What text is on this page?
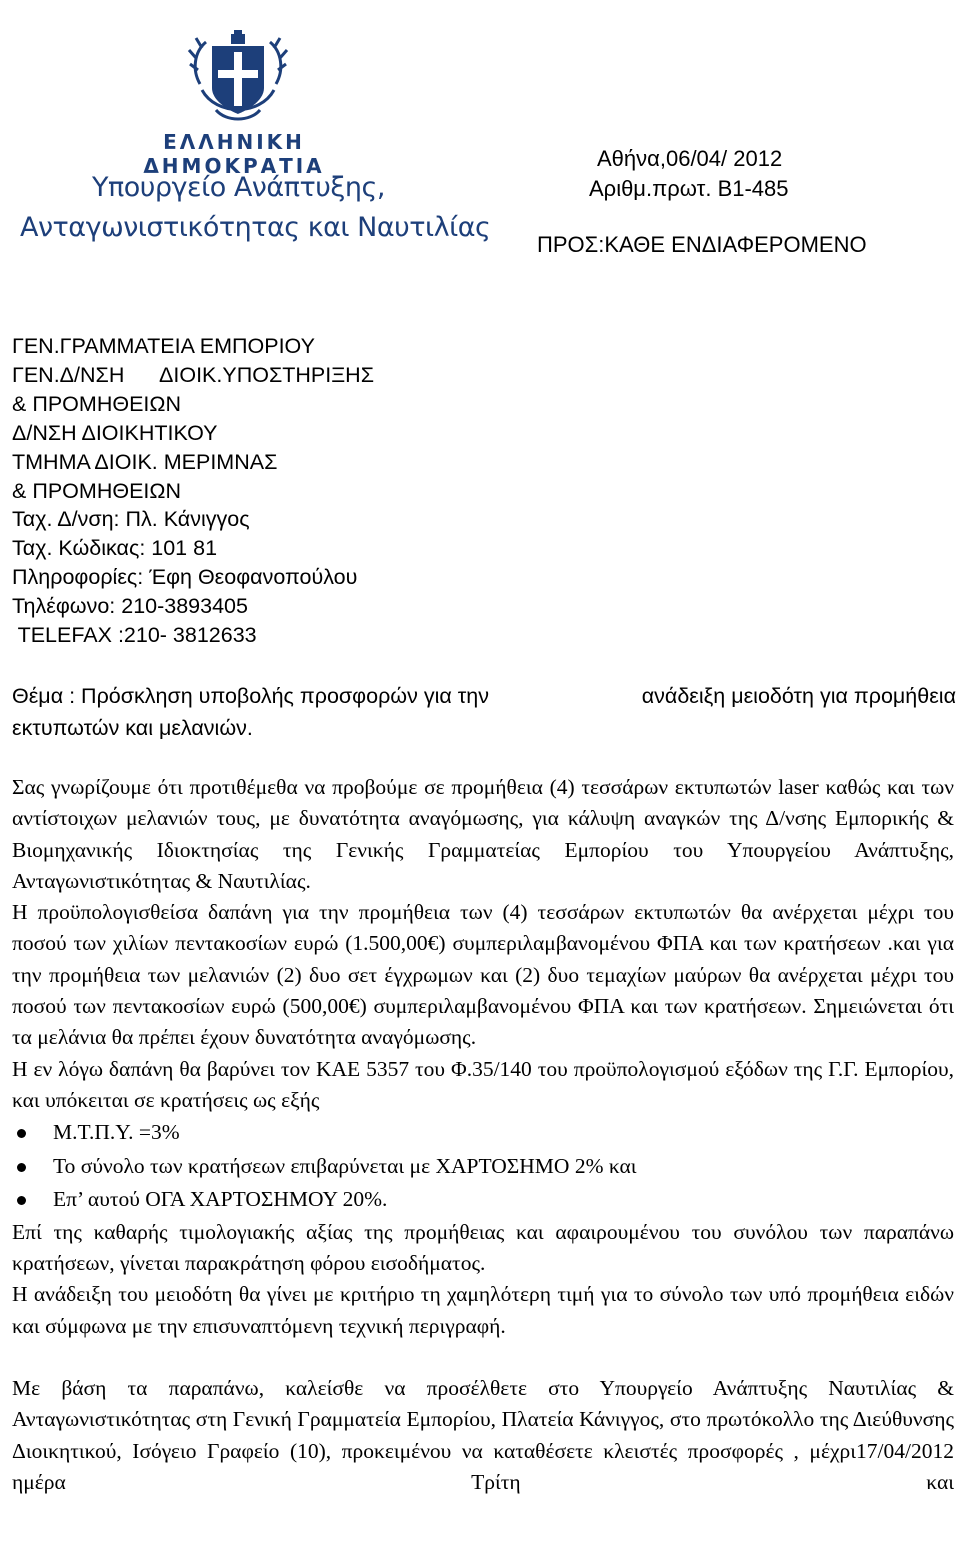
ΕΛΛΗΝΙΚΗ ΔΗΜΟΚΡΑΤΙΑ
Υπουργείο Ανάπτυξης,
Ανταγωνιστικότητας και Ναυτιλίας
Αθήνα,06/04/ 2012
Αριθμ.πρωτ. Β1-485
ΠΡΟΣ:ΚΑΘΕ ΕΝΔΙΑΦΕΡΟΜΕΝΟ
ΓΕΝ.ΓΡΑΜΜΑΤΕΙΑ ΕΜΠΟΡΙΟΥ
ΓΕΝ.Δ/ΝΣΗ      ΔΙΟΙΚ.ΥΠΟΣΤΗΡΙΞΗΣ
& ΠΡΟΜΗΘΕΙΩΝ
Δ/ΝΣΗ ΔΙΟΙΚΗΤΙΚΟΥ
ΤΜΗΜΑ ΔΙΟΙΚ. ΜΕΡΙΜΝΑΣ
& ΠΡΟΜΗΘΕΙΩΝ
Ταχ. Δ/νση: Πλ. Κάνιγγος
Ταχ. Κώδικας: 101 81
Πληροφορίες: Έφη Θεοφανοπούλου
Τηλέφωνο: 210-3893405
TELEFAX :210- 3812633
Θέμα : Πρόσκληση υποβολής προσφορών για την	ανάδειξη μειοδότη για προμήθεια
εκτυπωτών και μελανιών.

Σας γνωρίζουμε ότι προτιθέμεθα να προβούμε σε προμήθεια (4) τεσσάρων εκτυπωτών laser καθώς και των αντίστοιχων μελανιών τους, με δυνατότητα αναγόμωσης, για κάλυψη αναγκών της Δ/νσης Εμπορικής & Βιομηχανικής Ιδιοκτησίας της Γενικής Γραμματείας Εμπορίου του Υπουργείου Ανάπτυξης, Ανταγωνιστικότητας & Ναυτιλίας.

Η προϋπολογισθείσα δαπάνη για την προμήθεια των (4) τεσσάρων εκτυπωτών θα ανέρχεται μέχρι του ποσού των χιλίων πεντακοσίων ευρώ (1.500,00€) συμπεριλαμβανομένου ΦΠΑ και των κρατήσεων .και για την προμήθεια των μελανιών (2) δυο σετ έγχρωμων και (2) δυο τεμαχίων μαύρων θα ανέρχεται μέχρι του ποσού των πεντακοσίων ευρώ (500,00€) συμπεριλαμβανομένου ΦΠΑ και των κρατήσεων. Σημειώνεται ότι τα μελάνια θα πρέπει έχουν δυνατότητα αναγόμωσης.

Η εν λόγω δαπάνη θα βαρύνει τον ΚΑΕ 5357 του Φ.35/140 του προϋπολογισμού εξόδων της Γ.Γ. Εμπορίου, και υπόκειται σε κρατήσεις ως εξής

Μ.Τ.Π.Υ. =3%
Το σύνολο των κρατήσεων επιβαρύνεται με ΧΑΡΤΟΣΗΜΟ 2% και
Επ’ αυτού ΟΓΑ ΧΑΡΤΟΣΗΜΟΥ 20%.

Επί της καθαρής τιμολογιακής αξίας της προμήθειας και αφαιρουμένου του συνόλου των παραπάνω κρατήσεων, γίνεται παρακράτηση φόρου εισοδήματος.

Η ανάδειξη του μειοδότη θα γίνει με κριτήριο τη χαμηλότερη τιμή για το σύνολο των υπό προμήθεια ειδών και σύμφωνα με την επισυναπτόμενη τεχνική περιγραφή.

Με βάση τα παραπάνω, καλείσθε να προσέλθετε στο Υπουργείο Ανάπτυξης Ναυτιλίας & Ανταγωνιστικότητας στη Γενική Γραμματεία Εμπορίου, Πλατεία Κάνιγγος, στο πρωτόκολλο της Διεύθυνσης Διοικητικού, Ισόγειο Γραφείο (10), προκειμένου να καταθέσετε κλειστές προσφορές , μέχρι17/04/2012 ημέρα Τρίτη και
